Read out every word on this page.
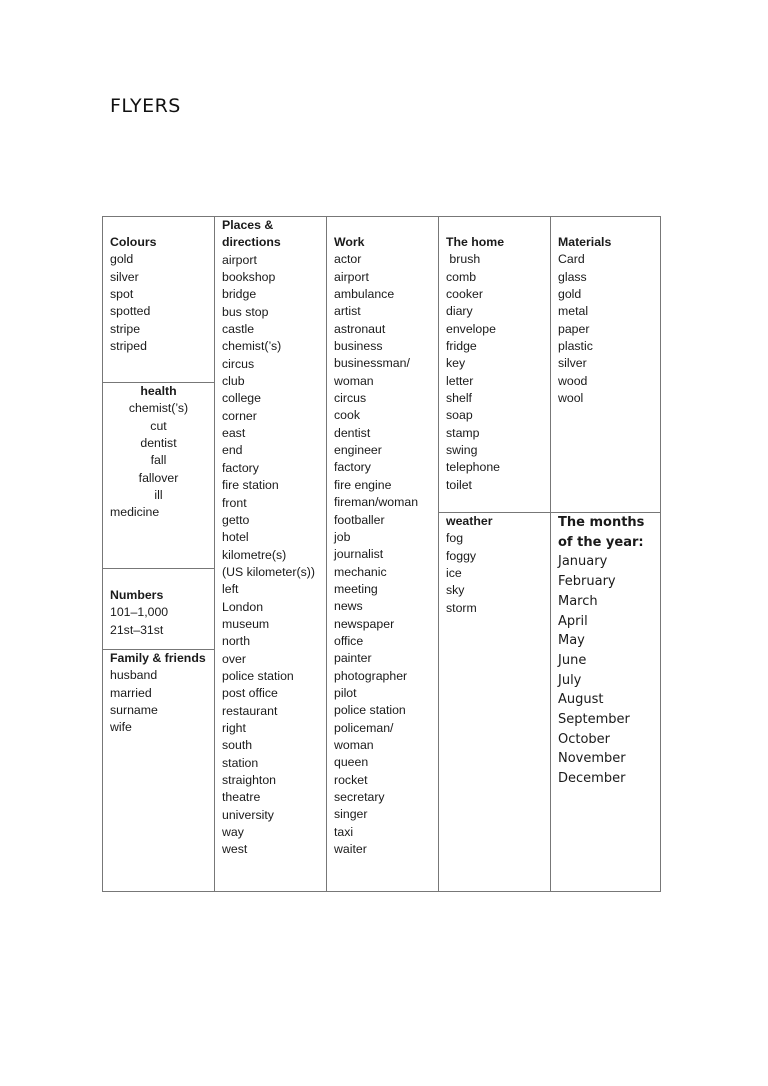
FLYERS
Colours
gold
silver
spot
spotted
stripe
striped
health
chemist(’s)
cut
dentist
fall
fallover
ill
medicine
Numbers
101–1,000
21st–31st
Family & friends
husband
married
surname
wife
Places &
directions
airport
bookshop
bridge
bus stop
castle
chemist(’s)
circus
club
college
corner
east
end
factory
fire station
front
getto
hotel
kilometre(s)
(US kilometer(s))
left
London
museum
north
over
police station
post office
restaurant
right
south
station
straighton
theatre
university
way
west
Work
actor
airport
ambulance
artist
astronaut
business
businessman/
woman
circus
cook
dentist
engineer
factory
fire engine
fireman/woman
footballer
job
journalist
mechanic
meeting
news
newspaper
office
painter
photographer
pilot
police station
policeman/
woman
queen
rocket
secretary
singer
taxi
waiter
The home
brush
comb
cooker
diary
envelope
fridge
key
letter
shelf
soap
stamp
swing
telephone
toilet
weather
fog
foggy
ice
sky
storm
Materials
Card
glass
gold
metal
paper
plastic
silver
wood
wool
The months
of the year:
January
February
March
April
May
June
July
August
September
October
November
December
